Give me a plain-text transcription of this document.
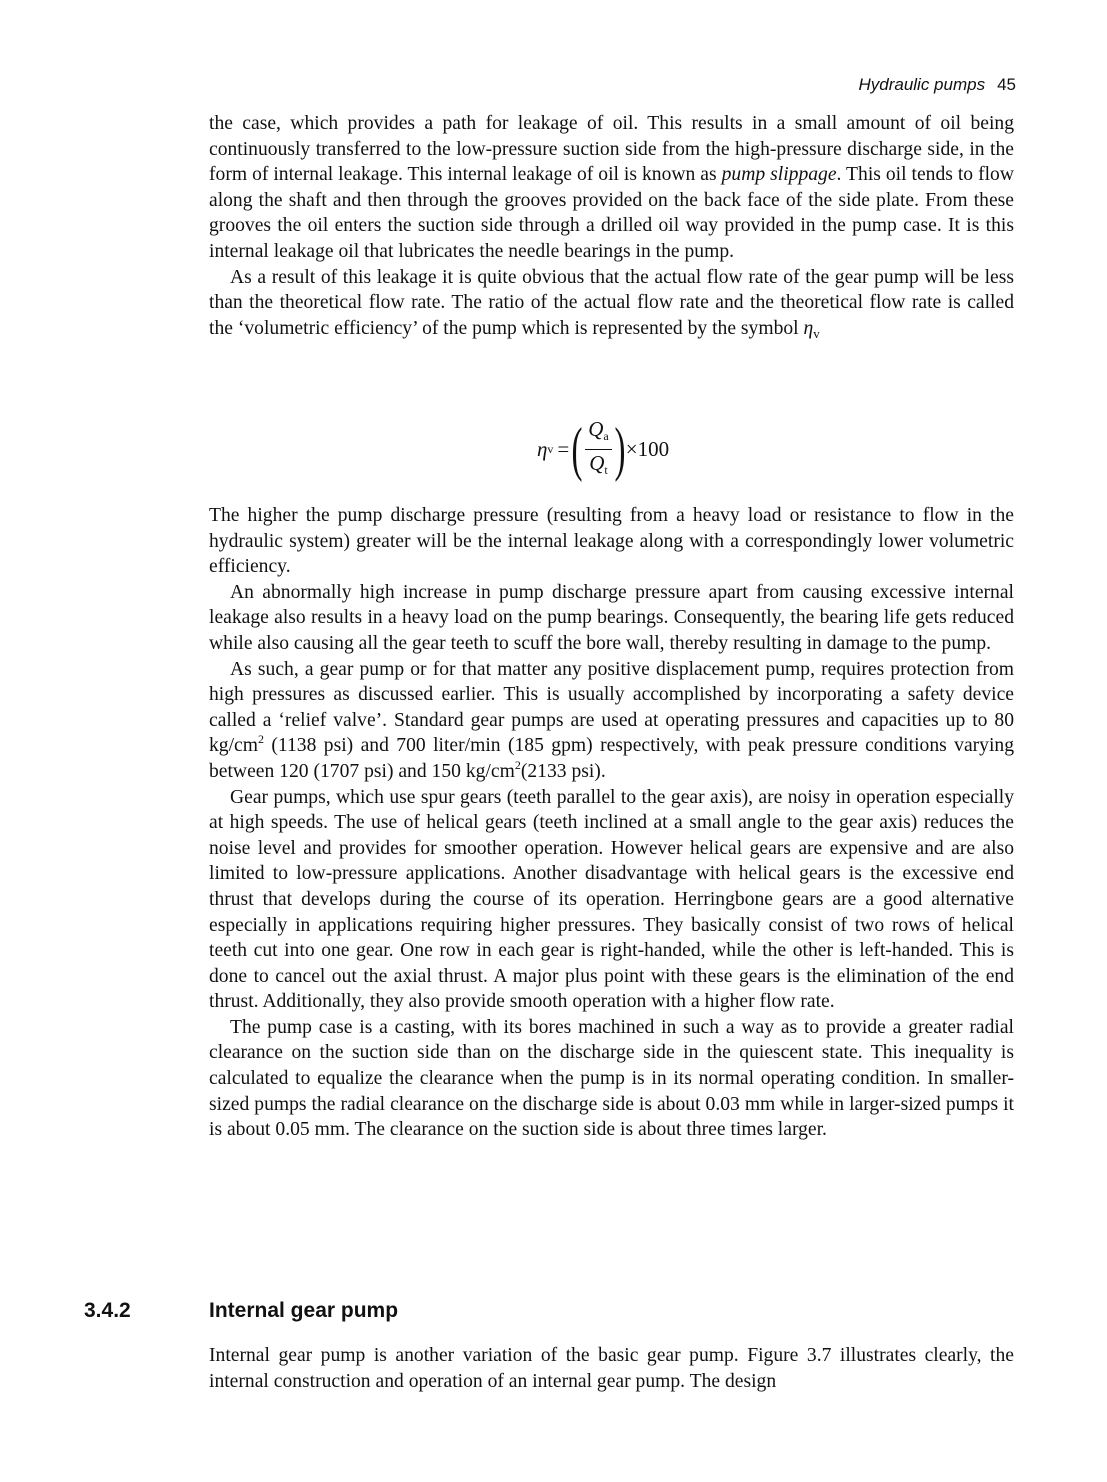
Hydraulic pumps 45

the case, which provides a path for leakage of oil. This results in a small amount of oil being continuously transferred to the low-pressure suction side from the high-pressure discharge side, in the form of internal leakage. This internal leakage of oil is known as pump slippage. This oil tends to flow along the shaft and then through the grooves provided on the back face of the side plate. From these grooves the oil enters the suction side through a drilled oil way provided in the pump case. It is this internal leakage oil that lubricates the needle bearings in the pump.

As a result of this leakage it is quite obvious that the actual flow rate of the gear pump will be less than the theoretical flow rate. The ratio of the actual flow rate and the theoretical flow rate is called the ‘volumetric efficiency’ of the pump which is represented by the symbol $\eta_v$

η v = ( $\frac{Q_a}{Q_t}$ ) ×100

The higher the pump discharge pressure (resulting from a heavy load or resistance to flow in the hydraulic system) greater will be the internal leakage along with a correspondingly lower volumetric efficiency.

An abnormally high increase in pump discharge pressure apart from causing excessive internal leakage also results in a heavy load on the pump bearings. Consequently, the bearing life gets reduced while also causing all the gear teeth to scuff the bore wall, thereby resulting in damage to the pump.

As such, a gear pump or for that matter any positive displacement pump, requires protection from high pressures as discussed earlier. This is usually accomplished by incorporating a safety device called a ‘relief valve’. Standard gear pumps are used at operating pressures and capacities up to 80 $kg/cm^2$ (1138 psi) and 700 liter/min (185 gpm) respectively, with peak pressure conditions varying between 120 (1707 psi) and 150 $kg/cm^2(2133$ psi).

Gear pumps, which use spur gears (teeth parallel to the gear axis), are noisy in operation especially at high speeds. The use of helical gears (teeth inclined at a small angle to the gear axis) reduces the noise level and provides for smoother operation. However helical gears are expensive and are also limited to low-pressure applications. Another disadvantage with helical gears is the excessive end thrust that develops during the course of its operation. Herringbone gears are a good alternative especially in applications requiring higher pressures. They basically consist of two rows of helical teeth cut into one gear. One row in each gear is right-handed, while the other is left-handed. This is done to cancel out the axial thrust. A major plus point with these gears is the elimination of the end thrust. Additionally, they also provide smooth operation with a higher flow rate.

The pump case is a casting, with its bores machined in such a way as to provide a greater radial clearance on the suction side than on the discharge side in the quiescent state. This inequality is calculated to equalize the clearance when the pump is in its normal operating condition. In smaller-sized pumps the radial clearance on the discharge side is about 0.03 mm while in larger-sized pumps it is about 0.05 mm. The clearance on the suction side is about three times larger.

3.4.2	Internal gear pump

Internal gear pump is another variation of the basic gear pump. Figure 3.7 illustrates clearly, the internal construction and operation of an internal gear pump. The design
